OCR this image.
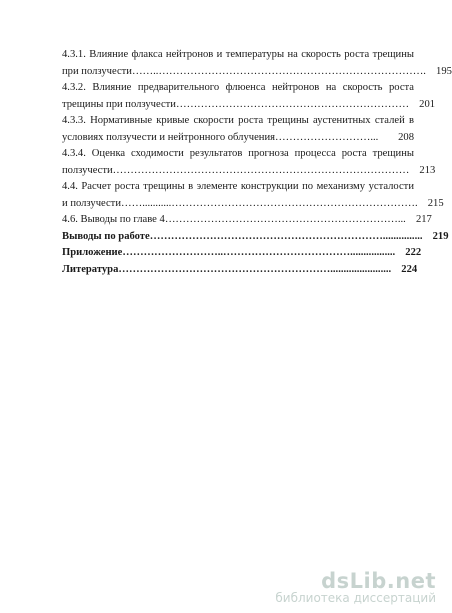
4.3.1. Влияние флакса нейтронов и температуры на скорость роста трещины
при ползучести ……..…………………………………………………………………. 195
4.3.2. Влияние предварительного флюенса нейтронов на скорость роста
трещины при ползучести ………………………………………………………… 201
4.3.3. Нормативные кривые скорости роста трещины аустенитных сталей в
условиях ползучести и нейтронного облучения ………………………...	208
4.3.4. Оценка сходимости результатов прогноза процесса роста трещины
ползучести ………………………………………………………………………… 213
4.4. Расчет роста трещины в элементе конструкции по механизму усталости
и ползучести ……...........……………………………………………………………. 215
4.6. Выводы по главе 4 …………………………………………………………... 217
Выводы по работе …………………………………………………………............... 219
Приложение ………………………..………………………………................. 222
Литература ……………………………………………………....................... 224
dsLib.net
библиотека диссертаций
